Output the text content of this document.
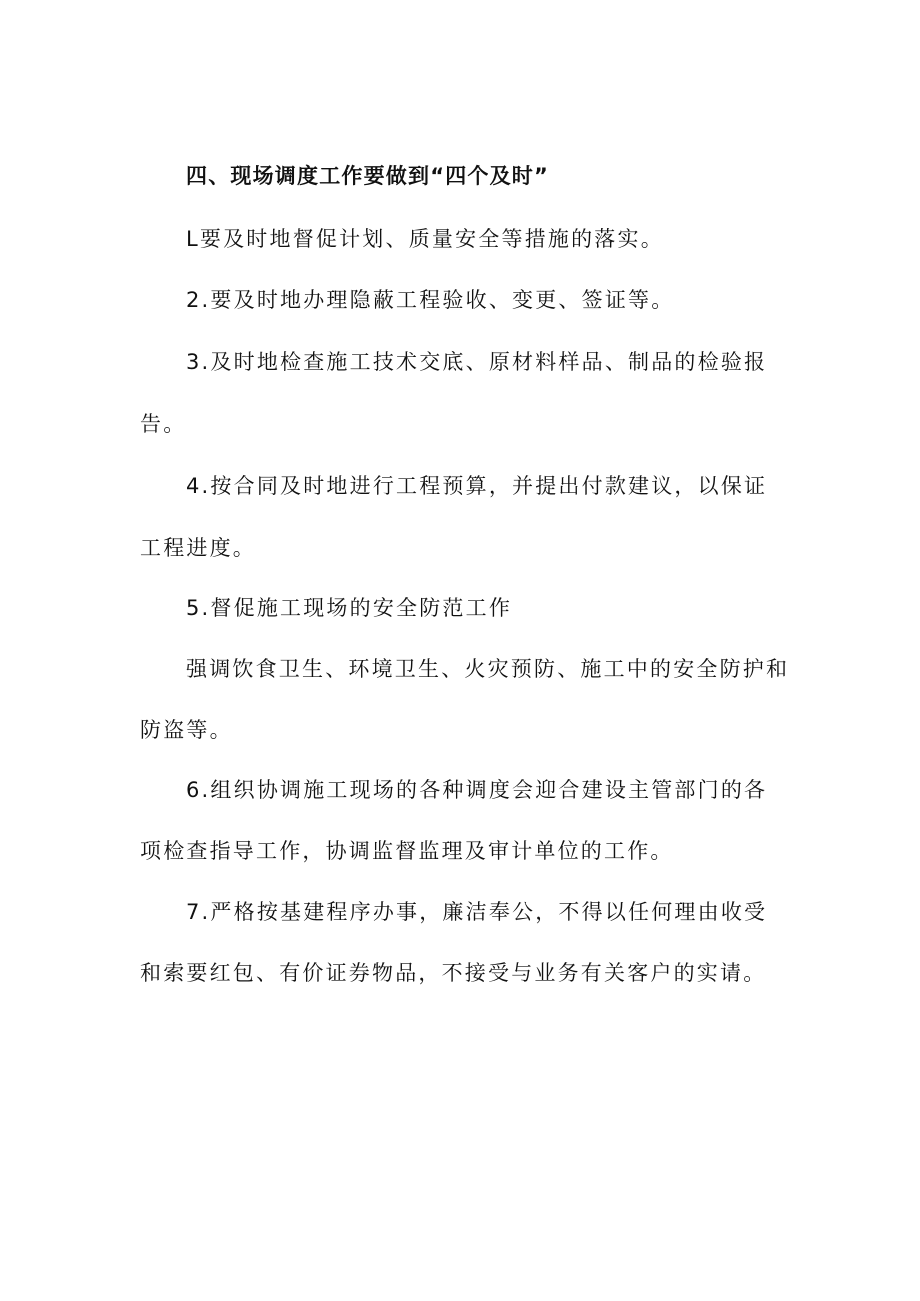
四、现场调度工作要做到“四个及时”
L要及时地督促计划、质量安全等措施的落实。
2.要及时地办理隐蔽工程验收、变更、签证等。
3.及时地检查施工技术交底、原材料样品、制品的检验报
告。
4.按合同及时地进行工程预算，并提出付款建议，以保证
工程进度。
5.督促施工现场的安全防范工作
强调饮食卫生、环境卫生、火灾预防、施工中的安全防护和
防盗等。
6.组织协调施工现场的各种调度会迎合建设主管部门的各
项检查指导工作，协调监督监理及审计单位的工作。
7.严格按基建程序办事，廉洁奉公，不得以任何理由收受
和索要红包、有价证券物品，不接受与业务有关客户的实请。
